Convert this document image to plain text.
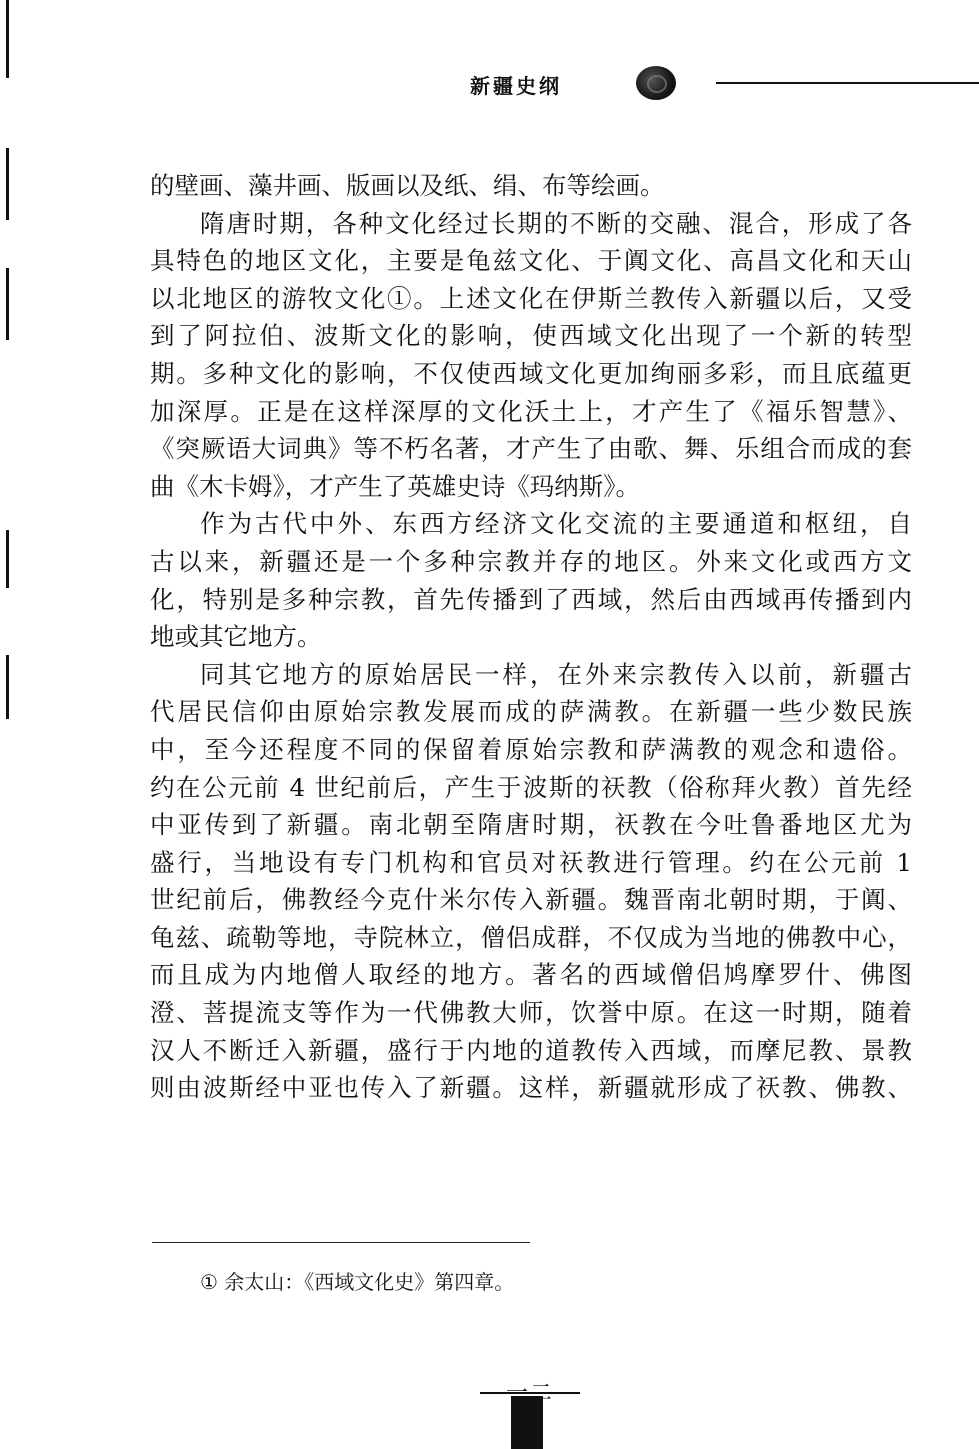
新疆史纲
的壁画、藻井画、版画以及纸、绢、布等绘画。
隋唐时期，各种文化经过长期的不断的交融、混合，形成了各
具特色的地区文化，主要是龟兹文化、于阗文化、高昌文化和天山
以北地区的游牧文化①。上述文化在伊斯兰教传入新疆以后，又受
到了阿拉伯、波斯文化的影响，使西域文化出现了一个新的转型
期。多种文化的影响，不仅使西域文化更加绚丽多彩，而且底蕴更
加深厚。正是在这样深厚的文化沃土上，才产生了《福乐智慧》、
《突厥语大词典》等不朽名著，才产生了由歌、舞、乐组合而成的套
曲《木卡姆》，才产生了英雄史诗《玛纳斯》。
作为古代中外、东西方经济文化交流的主要通道和枢纽，自
古以来，新疆还是一个多种宗教并存的地区。外来文化或西方文
化，特别是多种宗教，首先传播到了西域，然后由西域再传播到内
地或其它地方。
同其它地方的原始居民一样，在外来宗教传入以前，新疆古
代居民信仰由原始宗教发展而成的萨满教。在新疆一些少数民族
中，至今还程度不同的保留着原始宗教和萨满教的观念和遗俗。
约在公元前 4 世纪前后，产生于波斯的祆教（俗称拜火教）首先经
中亚传到了新疆。南北朝至隋唐时期，祆教在今吐鲁番地区尤为
盛行，当地设有专门机构和官员对祆教进行管理。约在公元前 1
世纪前后，佛教经今克什米尔传入新疆。魏晋南北朝时期，于阗、
龟兹、疏勒等地，寺院林立，僧侣成群，不仅成为当地的佛教中心，
而且成为内地僧人取经的地方。著名的西域僧侣鸠摩罗什、佛图
澄、菩提流支等作为一代佛教大师，饮誉中原。在这一时期，随着
汉人不断迁入新疆，盛行于内地的道教传入西域，而摩尼教、景教
则由波斯经中亚也传入了新疆。这样，新疆就形成了祆教、佛教、
① 余太山：《西域文化史》第四章。
